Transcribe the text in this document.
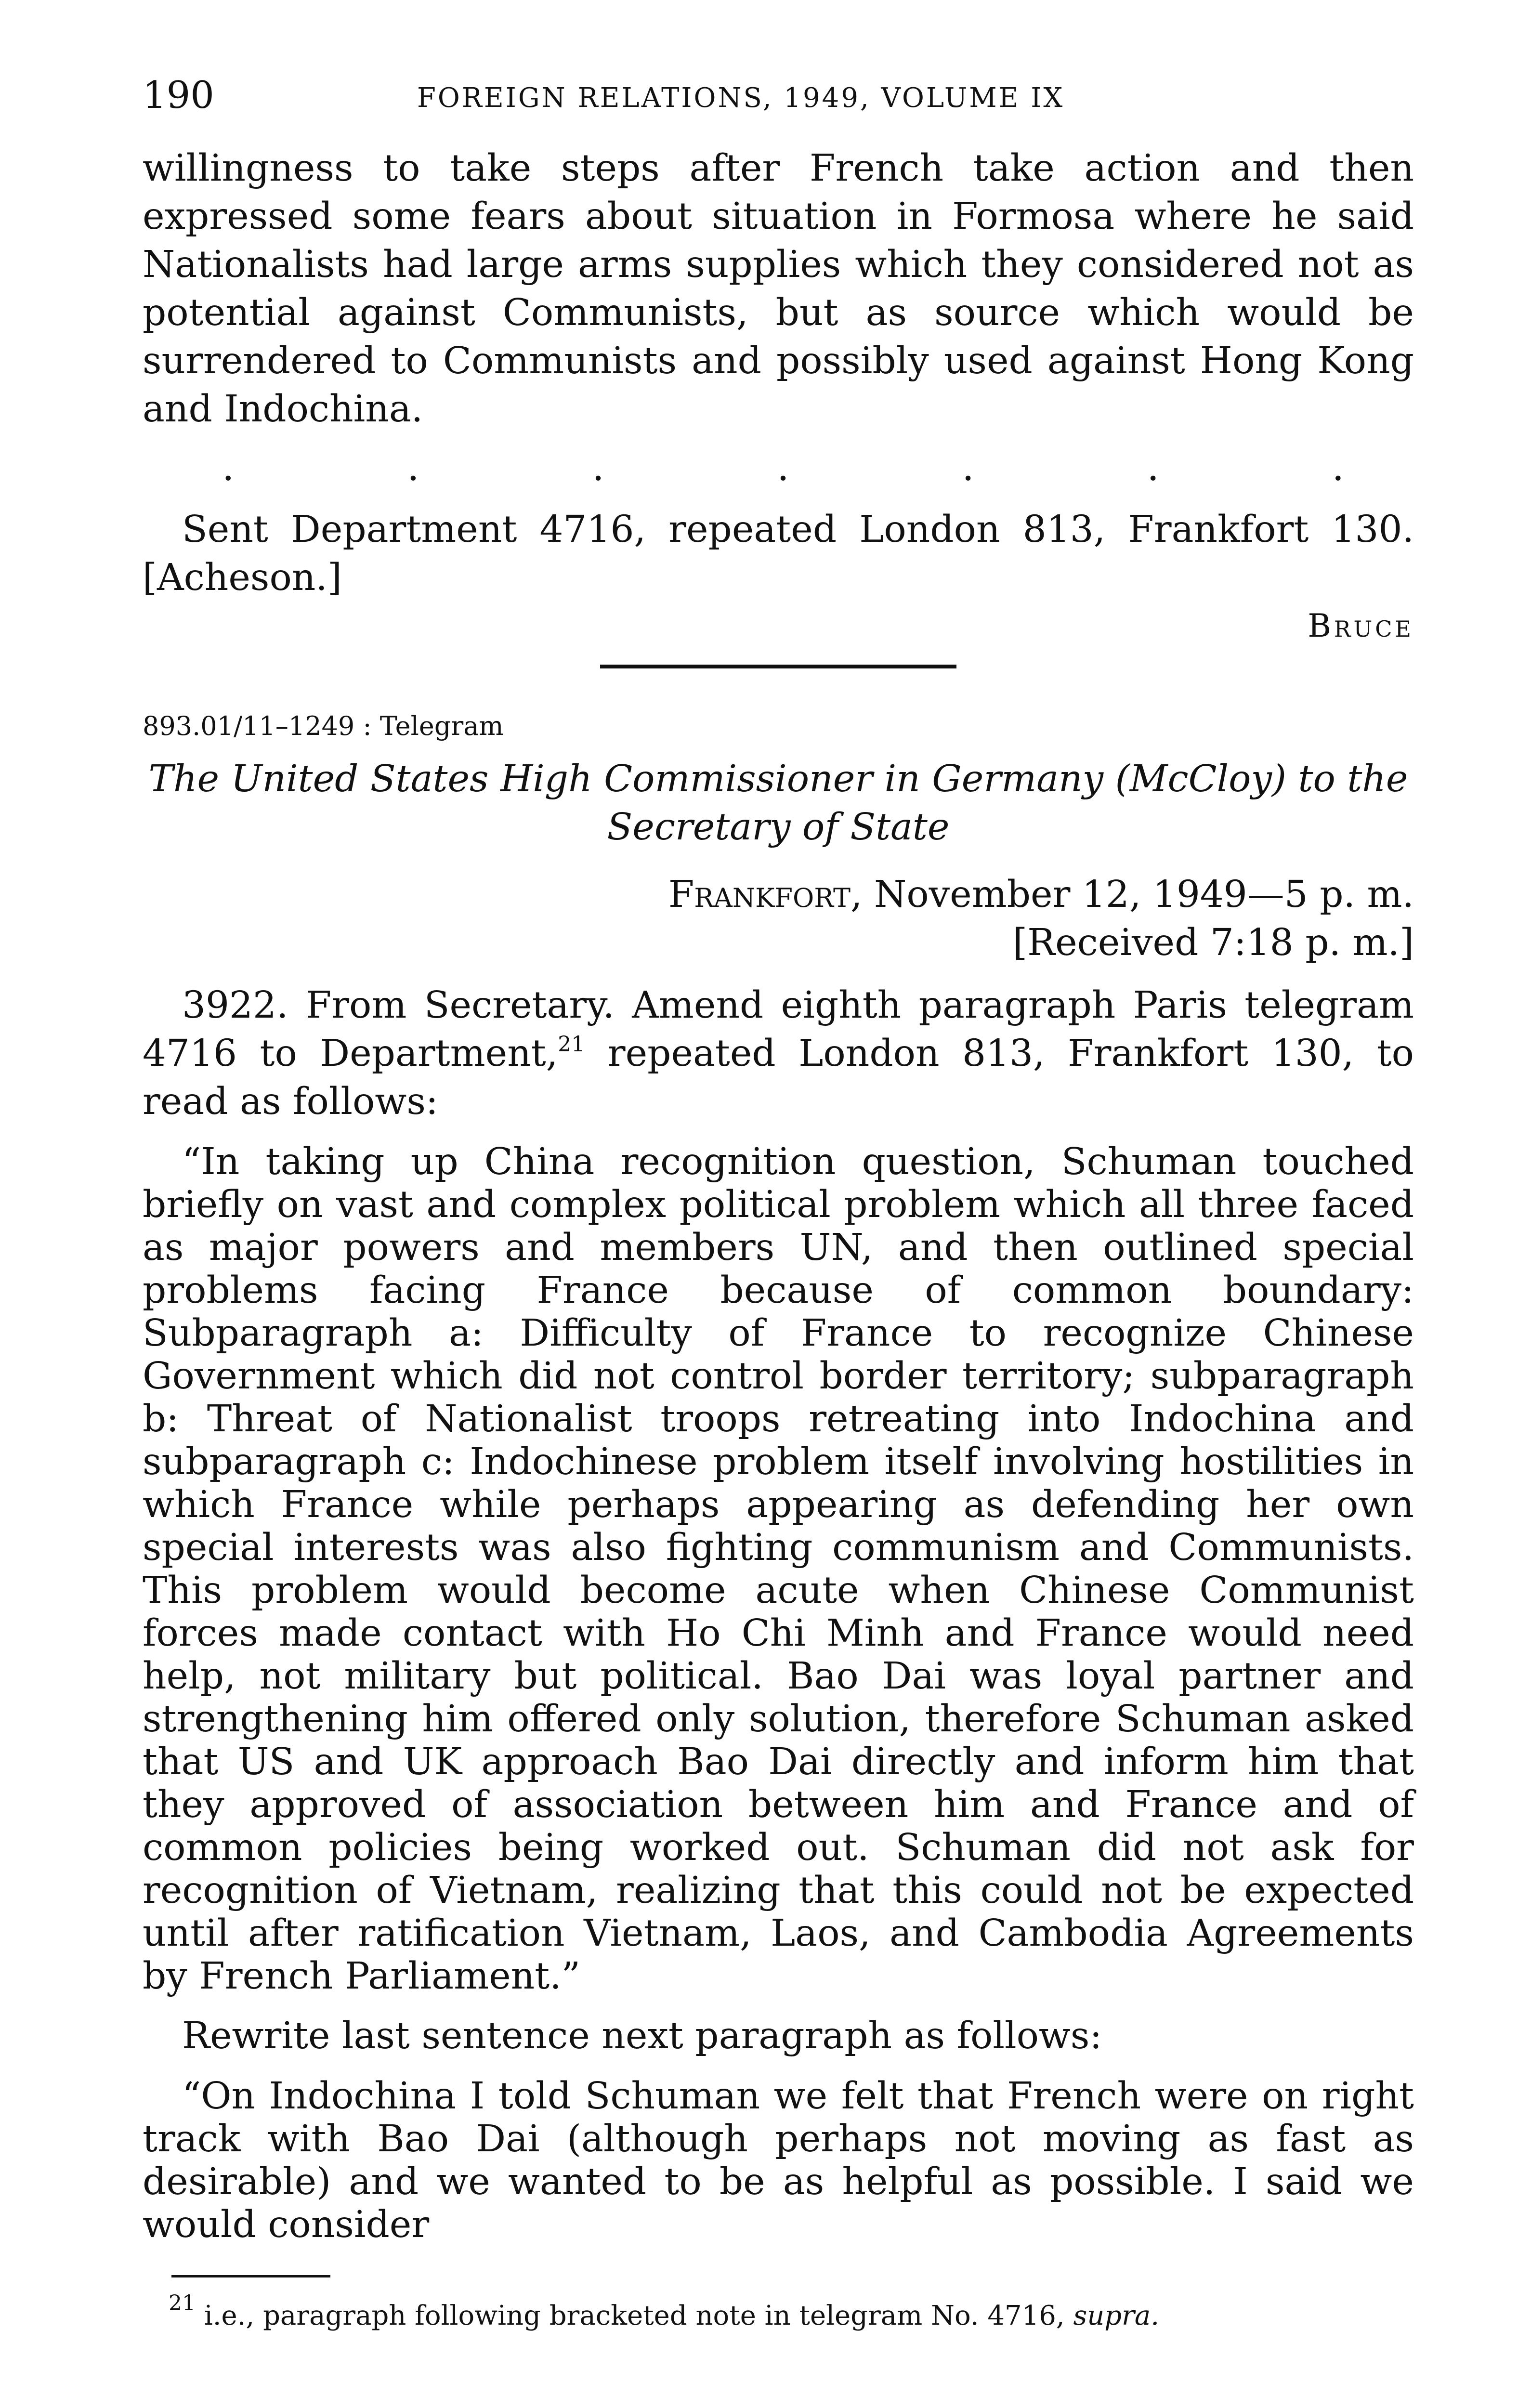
190	FOREIGN RELATIONS, 1949, VOLUME IX

willingness to take steps after French take action and then expressed some fears about situation in Formosa where he said Nationalists had large arms supplies which they considered not as potential against Communists, but as source which would be surrendered to Communists and possibly used against Hong Kong and Indochina.

.	.	.	.	.	.	.

Sent Department 4716, repeated London 813, Frankfort 130. [Acheson.]

Bruce

893.01/11–1249 : Telegram

The United States High Commissioner in Germany (McCloy) to the Secretary of State

Frankfort, November 12, 1949—5 p. m.

[Received 7:18 p. m.]

3922. From Secretary. Amend eighth paragraph Paris telegram 4716 to Department,$^{21}$ repeated London 813, Frankfort 130, to read as follows:

“In taking up China recognition question, Schuman touched briefly on vast and complex political problem which all three faced as major powers and members UN, and then outlined special problems facing France because of common boundary: Subparagraph a: Difficulty of France to recognize Chinese Government which did not control border territory; subparagraph b: Threat of Nationalist troops retreating into Indochina and subparagraph c: Indochinese problem itself involving hostilities in which France while perhaps appearing as defending her own special interests was also fighting communism and Communists. This problem would become acute when Chinese Communist forces made contact with Ho Chi Minh and France would need help, not military but political. Bao Dai was loyal partner and strengthening him offered only solution, therefore Schuman asked that US and UK approach Bao Dai directly and inform him that they approved of association between him and France and of common policies being worked out. Schuman did not ask for recognition of Vietnam, realizing that this could not be expected until after ratification Vietnam, Laos, and Cambodia Agreements by French Parliament.”

Rewrite last sentence next paragraph as follows:

“On Indochina I told Schuman we felt that French were on right track with Bao Dai (although perhaps not moving as fast as desirable) and we wanted to be as helpful as possible. I said we would consider

$^{21}$ i.e., paragraph following bracketed note in telegram No. 4716, supra.
